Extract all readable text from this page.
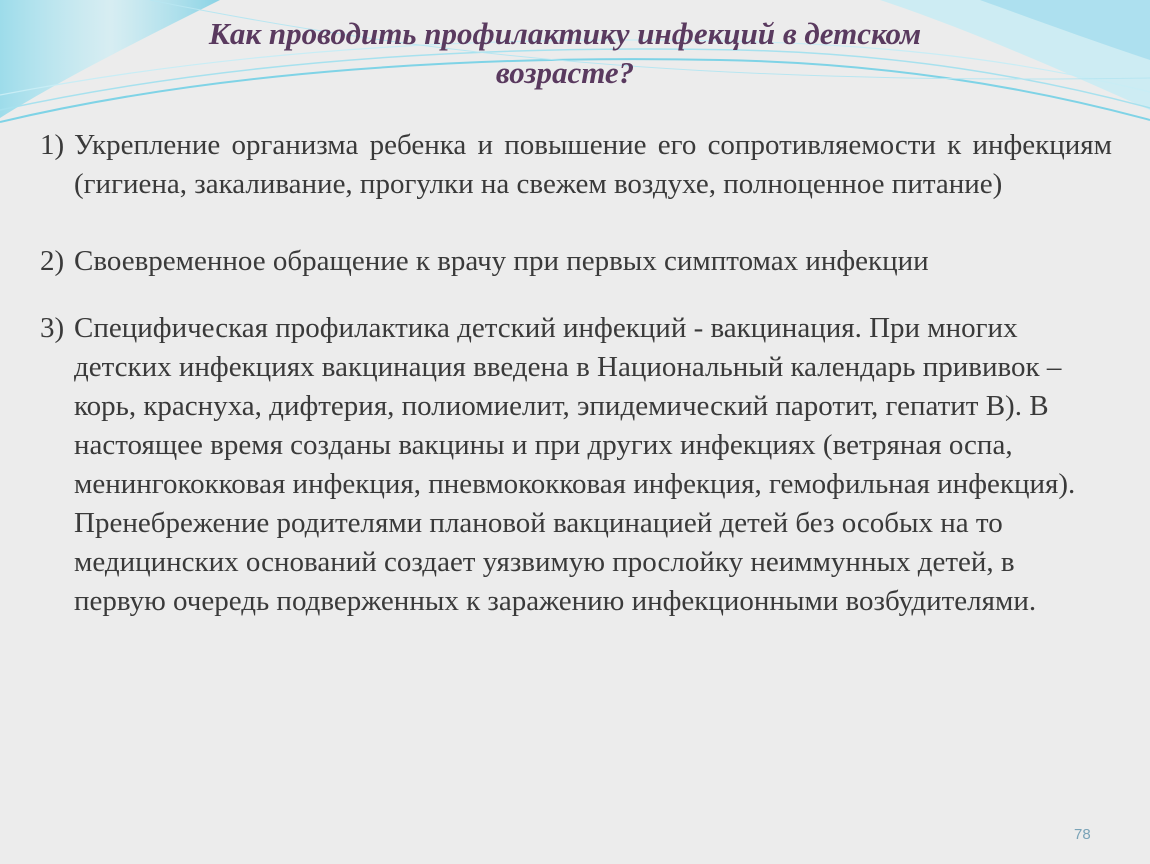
Как проводить профилактику инфекций в детском возрасте?
1) Укрепление организма ребенка и повышение его сопротивляемости к инфекциям (гигиена, закаливание, прогулки на свежем воздухе, полноценное питание)
2) Своевременное обращение к врачу при первых симптомах инфекции
3) Специфическая профилактика детский инфекций - вакцинация. При многих детских инфекциях вакцинация введена в Национальный календарь прививок – корь, краснуха, дифтерия, полиомиелит, эпидемический паротит, гепатит В). В настоящее время созданы вакцины и при других инфекциях (ветряная оспа, менингококковая инфекция, пневмококковая инфекция, гемофильная инфекция). Пренебрежение родителями плановой вакцинацией детей без особых на то медицинских оснований создает уязвимую прослойку неиммунных детей, в первую очередь подверженных к заражению инфекционными возбудителями.
78
